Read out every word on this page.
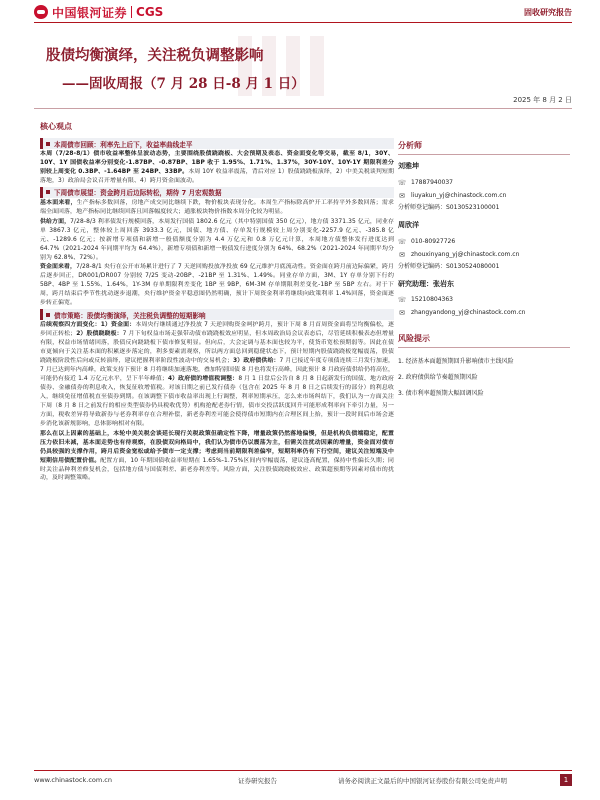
中国银河证券 CGS	固收研究报告
股债均衡演绎，关注税负调整影响
——固收周报（7 月 28 日-8 月 1 日）
2025 年 8 月 2 日
核心观点
本周债市回顾：利率先上后下，收益率曲线走平

本周（7/28-8/1）债市收益率整体呈波动态势，主要围绕股债跷跷板、大会预期及表态、资金面变化等交易，截至 8/1，30Y、10Y、1Y 国债收益率分别变化-1.87BP、-0.87BP、1BP 收于 1.95%、1.71%、1.37%，30Y-10Y、10Y-1Y 期限利差分别较上周变化 0.3BP、-1.64BP 至 24BP、33BP。本周 10Y 收益率震荡，背后对应 1）股债跷跷板演绎，2）中美关税谈判短期落地，3）政治局会议召开增量有限、4）跨月资金面波动。

下周债市展望：资金跨月后边际转松，期待 7 月宏观数据

基本面来看，生产指标多数回落，房地产成交同比继续下跌，物价板块表现分化。本周生产指标除高炉开工率持平外多数回落；需求端全面回落，地产指标同比继续回落且回落幅度较大；通胀板块物价指数本周分化较为明显。

供给方面，7/28-8/3 利率债发行规模回落，本周发行国债 1802.6 亿元（其中特别国债 350 亿元），地方债 3371.35 亿元，同业存单 3867.3 亿元，整体较上周回落 3933.3 亿元，国债、地方债、存单发行规模较上周分别变化-2257.9 亿元、-385.8 亿元、-1289.6 亿元；按新增专项债和新增一般债额度分别为 4.4 万亿元和 0.8 万亿元计算，本周地方债整体发行进度达到 64.7%（2021-2024 年同期平均为 64.4%），新增专项债和新增一般债发行进度分别为 64%、68.2%（2021-2024 年同期平均分别为 62.8%、72%）。

资金面来看，7/28-8/1 央行在公开市场累计进行了 7 天逆回购投放净投放 69 亿元维护月底流动性。资金面在跨月前边际偏紧，跨月后逐步回正，DR001/DR007 分别较 7/25 变动-20BP、-21BP 至 1.31%、1.49%。同业存单方面，3M、1Y 存单分别下行约 5BP、4BP 至 1.55%、1.64%，1Y-3M 存单期限利差变化 1BP 至 9BP，6M-3M 存单期限利差变化-1BP 至 5BP 左右。对于下周，跨月结束后季节性扰动逐步退潮，央行维护资金平稳意图仍然明确，预计下周资金利率将继续向政策利率 1.4%回落，资金面逐步转正偏宽。

债市策略：股债均衡演绎，关注税负调整的短期影响

后续观察四方面变化：1）资金面：本周央行继续通过净投放 7 天逆回购资金呵护跨月，预计下周 8 月首周资金面将呈均衡偏松，逐步回正转松；2）股债跷跷板：7 月下旬权益市场走强带动债市跷跷板效应明显，但本周政治局会议表态后，尽管延续积极表态但增量有限，权益市场情绪回落，股债反向跷跷板下债市修复明显。但向后，大会定调与基本面也较为平，使货币宽松预期弱等。因此在债市更倾向于关注基本面的积累逐步落定的，利多要素需观察，所以两方面总回到稳健状态下，预计短期内股债跷跷板宽幅震荡，股债跷跷板阶段性后向或反转演绎，建议把握利率阶段性波动中的交易机会；3）政府债供给：7 月已接近年度专项债连续三月发行加速，7 月已达到年内高峰，政策支持下预计 8 月将继续加速落地，叠加特别国债 8 月也将发行高峰，因此预计 8 月政府债供给仍将高位，可能仍有接近 1.4 万亿元水平，呈下半年峰值；4）政府债的增值税调整：8 月 1 日盘后公告自 8 月 8 日起新发行的国债、地方政府债券、金融债券的利息收入，恢复征收增值税。对该日期之前已发行债券（包含在 2025 年 8 月 8 日之后续发行的部分）的利息收入，继续免征增值税直至债券到期。在该调整下债市收益率出现上行调整，利率短期承压，怎么来市场纠结下，我们认为一方面关注下周（8 月 8 日之前发行的相应类型债券仍具税收优势）机构抢配老券行情，债市交投活跃度回升可能形成利率向下牵引力量，另一方面，税收差异将导致新券与老券利率存在合理补偿，新老券利差可能会使得债市短期内在合理区间上抬，预计一段时间后市场会逐步消化该新规影响，总体影响相对有限。

那么在以上因素的基础上，本轮中美关税会谈延长现行关税政策但确定性下降，增量政策仍然落地偏慢，但是机构负债端稳定，配置压力依旧未减，基本面走势也有待观察，在股债双向格局中，我们认为债市仍以震荡为主，但需关注扰动因素的增量，资金面对债市仍具较强的支撑作用，跨月后资金宽松或给予债市一定支撑；考虑到当前期限利差偏窄，短期利率仍有下行空间，建议关注短端及中短期信用债配置价值。配置方面，10 年期国债收益率短期在 1.65%-1.75%区间内窄幅震荡，建议逢高配置，保持中性偏长久期；同时关注品种利差修复机会，包括地方债与国债利差、新老券利差等。风险方面，关注股债跷跷板效应、政策超预期等因素对债市的扰动，及时调整策略。

分析师
刘雅坤
☏ 17887940037
✉ liuyakun_yj@chinastock.com.cn
分析师登记编码：S0130523100001
周欣洋
☏ 010-80927726
✉ zhouxinyang_yj@chinastock.com.cn
分析师登记编码：S0130524080001
研究助理：张岩东
☏ 15210804363
✉ zhangyandong_yj@chinastock.com.cn
风险提示
1. 经济基本面超预期回升影响债市主线风险
2. 政府债供给节奏超预期风险
3. 债市利率超预期大幅回调风险
www.chinastock.com.cn	证券研究报告	请务必阅读正文最后的中国银河证券股份有限公司免责声明	1
